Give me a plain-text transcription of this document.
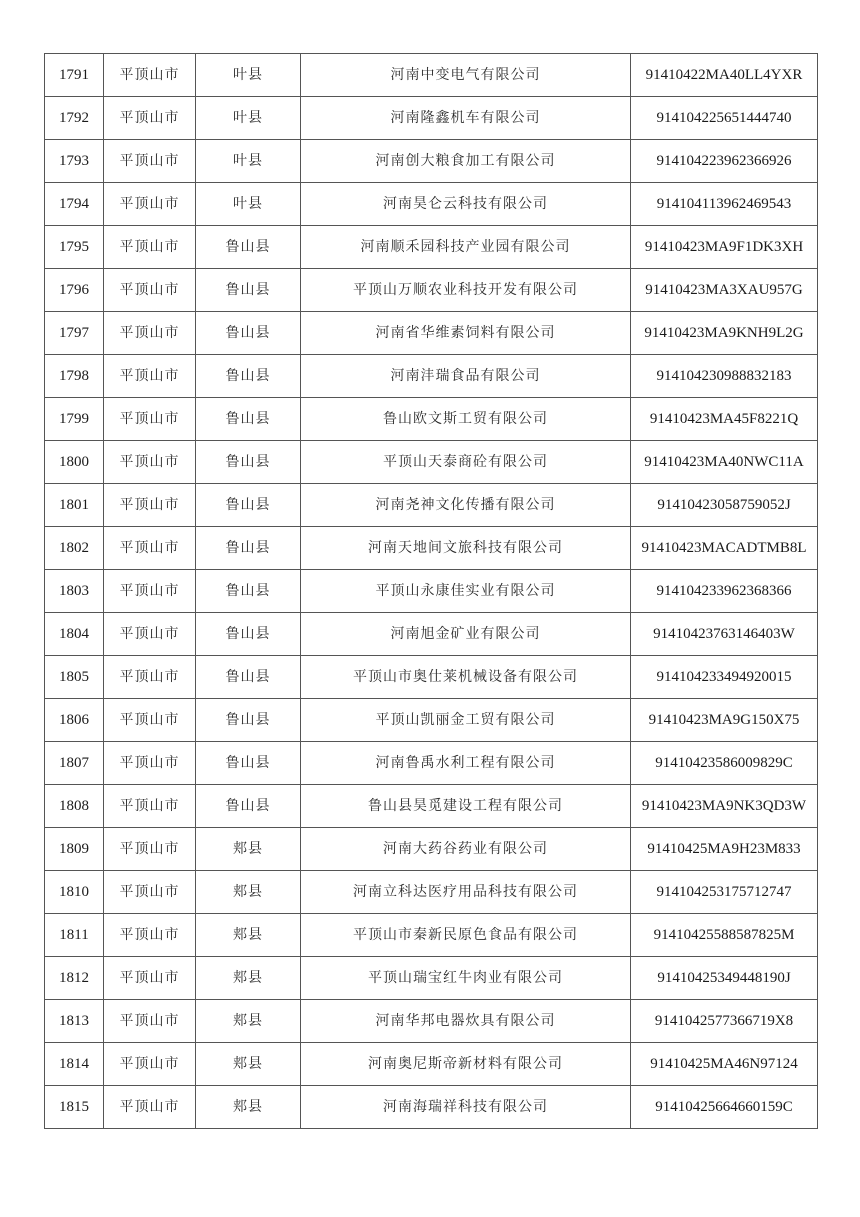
1791	平顶山市	叶县	河南中变电气有限公司	91410422MA40LL4YXR
1792	平顶山市	叶县	河南隆鑫机车有限公司	914104225651444740
1793	平顶山市	叶县	河南创大粮食加工有限公司	914104223962366926
1794	平顶山市	叶县	河南昊仑云科技有限公司	914104113962469543
1795	平顶山市	鲁山县	河南顺禾园科技产业园有限公司	91410423MA9F1DK3XH
1796	平顶山市	鲁山县	平顶山万顺农业科技开发有限公司	91410423MA3XAU957G
1797	平顶山市	鲁山县	河南省华维素饲料有限公司	91410423MA9KNH9L2G
1798	平顶山市	鲁山县	河南沣瑞食品有限公司	914104230988832183
1799	平顶山市	鲁山县	鲁山欧文斯工贸有限公司	91410423MA45F8221Q
1800	平顶山市	鲁山县	平顶山天泰商砼有限公司	91410423MA40NWC11A
1801	平顶山市	鲁山县	河南尧神文化传播有限公司	91410423058759052J
1802	平顶山市	鲁山县	河南天地间文旅科技有限公司	91410423MACADTMB8L
1803	平顶山市	鲁山县	平顶山永康佳实业有限公司	914104233962368366
1804	平顶山市	鲁山县	河南旭金矿业有限公司	91410423763146403W
1805	平顶山市	鲁山县	平顶山市奥仕莱机械设备有限公司	914104233494920015
1806	平顶山市	鲁山县	平顶山凯丽金工贸有限公司	91410423MA9G150X75
1807	平顶山市	鲁山县	河南鲁禹水利工程有限公司	91410423586009829C
1808	平顶山市	鲁山县	鲁山县昊觅建设工程有限公司	91410423MA9NK3QD3W
1809	平顶山市	郏县	河南大药谷药业有限公司	91410425MA9H23M833
1810	平顶山市	郏县	河南立科达医疗用品科技有限公司	914104253175712747
1811	平顶山市	郏县	平顶山市秦新民原色食品有限公司	91410425588587825M
1812	平顶山市	郏县	平顶山瑞宝红牛肉业有限公司	91410425349448190J
1813	平顶山市	郏县	河南华邦电器炊具有限公司	9141042577366719X8
1814	平顶山市	郏县	河南奥尼斯帝新材料有限公司	91410425MA46N97124
1815	平顶山市	郏县	河南海瑞祥科技有限公司	91410425664660159C
